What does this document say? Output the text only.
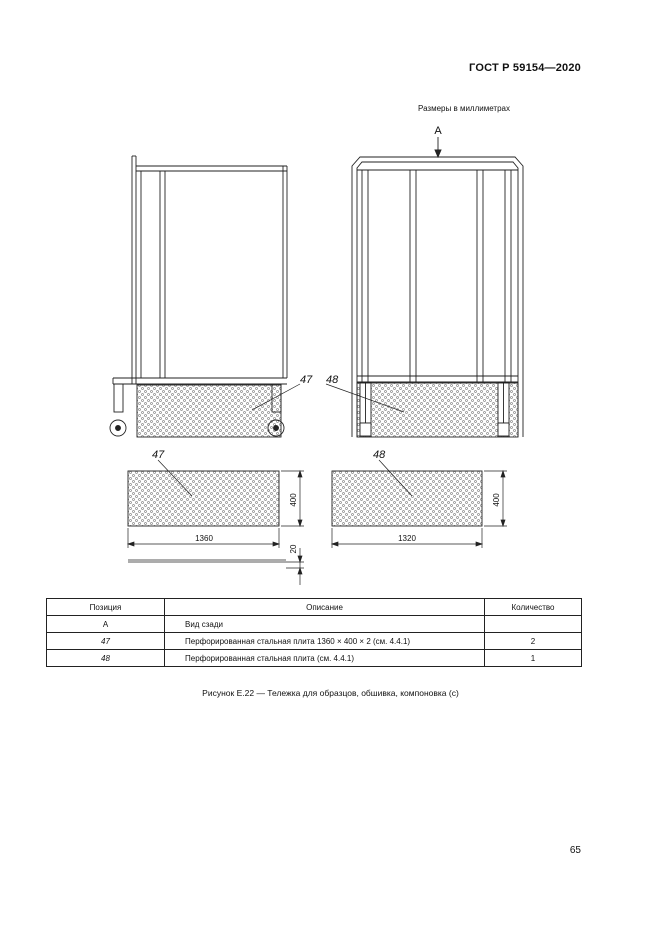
ГОСТ Р 59154—2020
Размеры в миллиметрах
A
47 48
47
1360
400
20
48
1320
400
Позиция	Описание	Количество
A	Вид сзади	
47	Перфорированная стальная плита 1360 × 400 × 2 (см. 4.4.1)	2
48	Перфорированная стальная плита (см. 4.4.1)	1
Рисунок Е.22 — Тележка для образцов, обшивка, компоновка (с)
65
